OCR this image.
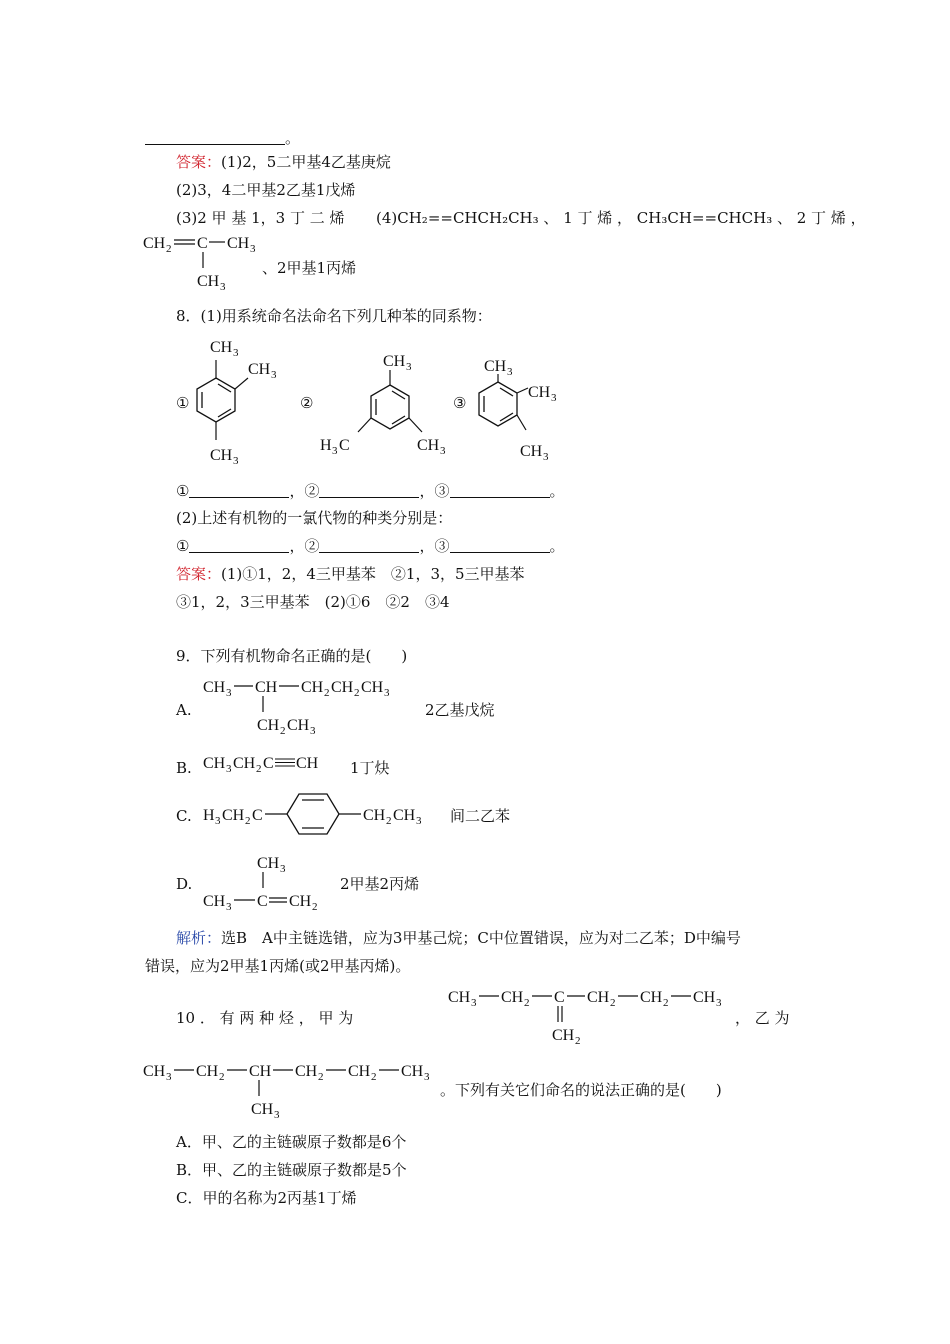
。
答案：(1)2，5二甲基4乙基庚烷
(2)3，4二甲基2乙基1戊烯
(3)2 甲 基 1，3 丁 二 烯 (4)CH₂==CHCH₂CH₃ 、 1 丁 烯 ， CH₃CH==CHCH₃ 、 2 丁 烯 ，
CH 2 C CH 3
CH 3
、2甲基1丙烯
8．(1)用系统命名法命名下列几种苯的同系物：
①
CH 3
CH 3
CH 3
②
CH 3
H 3 C	CH 3
③
CH 3
CH 3
CH 3
①	，②	，③	。
(2)上述有机物的一氯代物的种类分别是：
①	，②	，③	。
答案：(1)①1，2，4三甲基苯　②1，3，5三甲基苯
③1，2，3三甲基苯　(2)①6　②2　③4
9．下列有机物命名正确的是(　　)
A.
CH 3 CH CH 2 CH 2 CH 3
CH 2 CH 3
2乙基戊烷
B. CH 3 CH 2 C CH 1丁炔
C. H 3 CH 2 C	CH 2 CH 3 间二乙苯
D.
CH 3
CH 3 C CH 2
2甲基2丙烯
解析：选B　A中主链选错，应为3甲基己烷；C中位置错误，应为对二乙苯；D中编号
错误，应为2甲基1丙烯(或2甲基丙烯)。
10 ． 有 两 种 烃 ， 甲 为
CH 3 CH 2 C CH 2 CH 2 CH 3
CH 2
， 乙 为
CH 3 CH 2 CH CH 2 CH 2 CH 3
CH 3
。下列有关它们命名的说法正确的是(　　)
A．甲、乙的主链碳原子数都是6个
B．甲、乙的主链碳原子数都是5个
C．甲的名称为2丙基1丁烯
